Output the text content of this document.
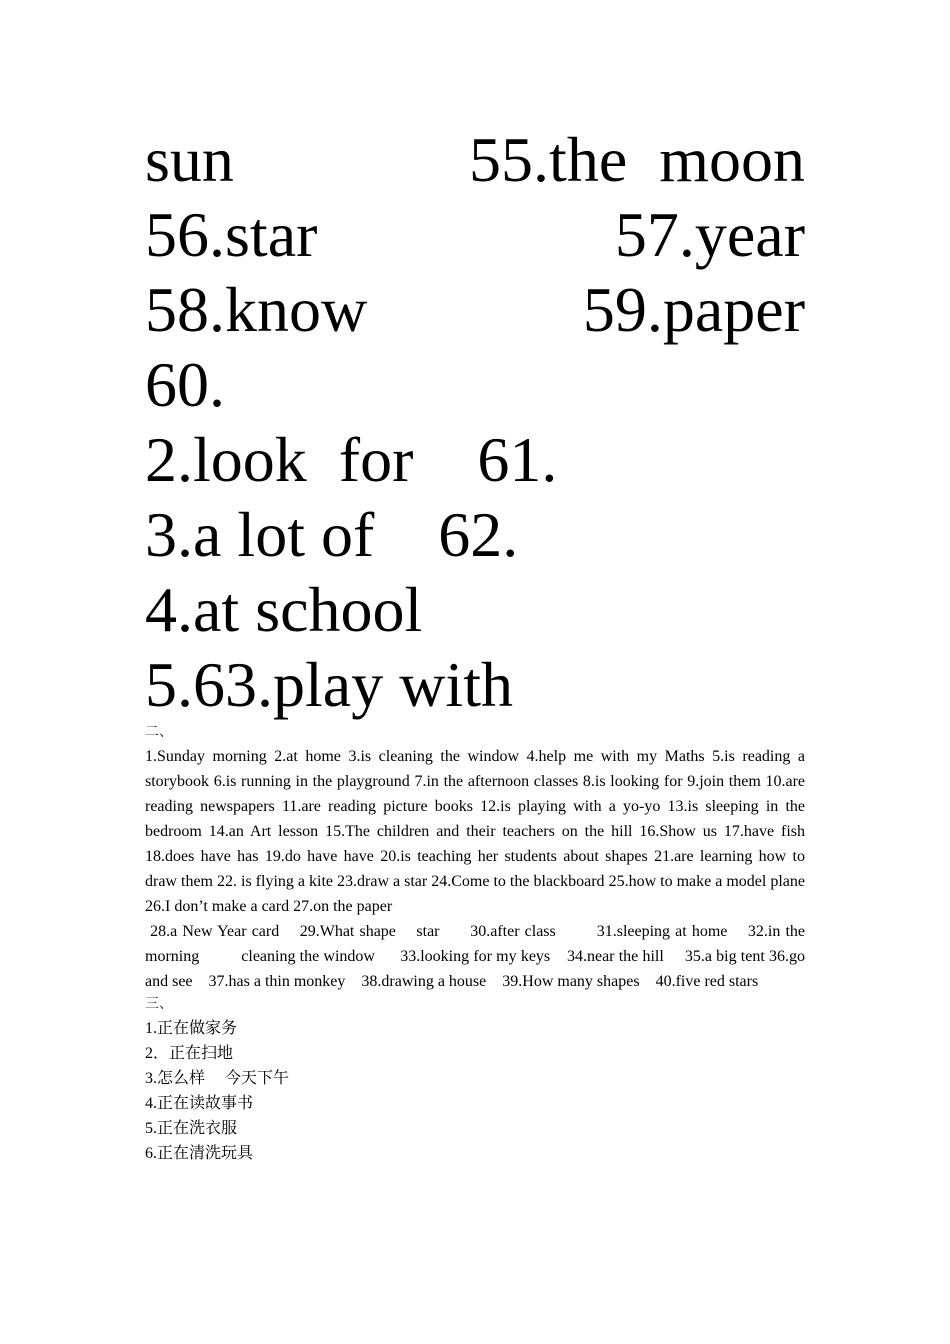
sun	55.the  moon
56.star	57.year
58.know	59.paper
60.
2.look  for    61.
3.a lot of    62.
4.at school
5.63.play with
二、
1.Sunday morning 2.at home 3.is cleaning the window 4.help me with my Maths 5.is reading a storybook 6.is running in the playground 7.in the afternoon classes 8.is looking for 9.join them 10.are reading newspapers 11.are reading picture books 12.is playing with a yo-yo 13.is sleeping in the bedroom 14.an Art lesson 15.The children and their teachers on the hill 16.Show us 17.have fish 18.does have has 19.do have have 20.is teaching her students about shapes 21.are learning how to draw them 22. is flying a kite 23.draw a star 24.Come to the blackboard 25.how to make a model plane 26.I don’t make a card 27.on the paper
28.a New Year card    29.What shape    star      30.after class        31.sleeping at home    32.in the morning          cleaning the window      33.looking for my keys    34.near the hill     35.a big tent 36.go and see    37.has a thin monkey    38.drawing a house    39.How many shapes    40.five red stars
三、
1.正在做家务
2．正在扫地
3.怎么样     今天下午
4.正在读故事书
5.正在洗衣服
6.正在清洗玩具
